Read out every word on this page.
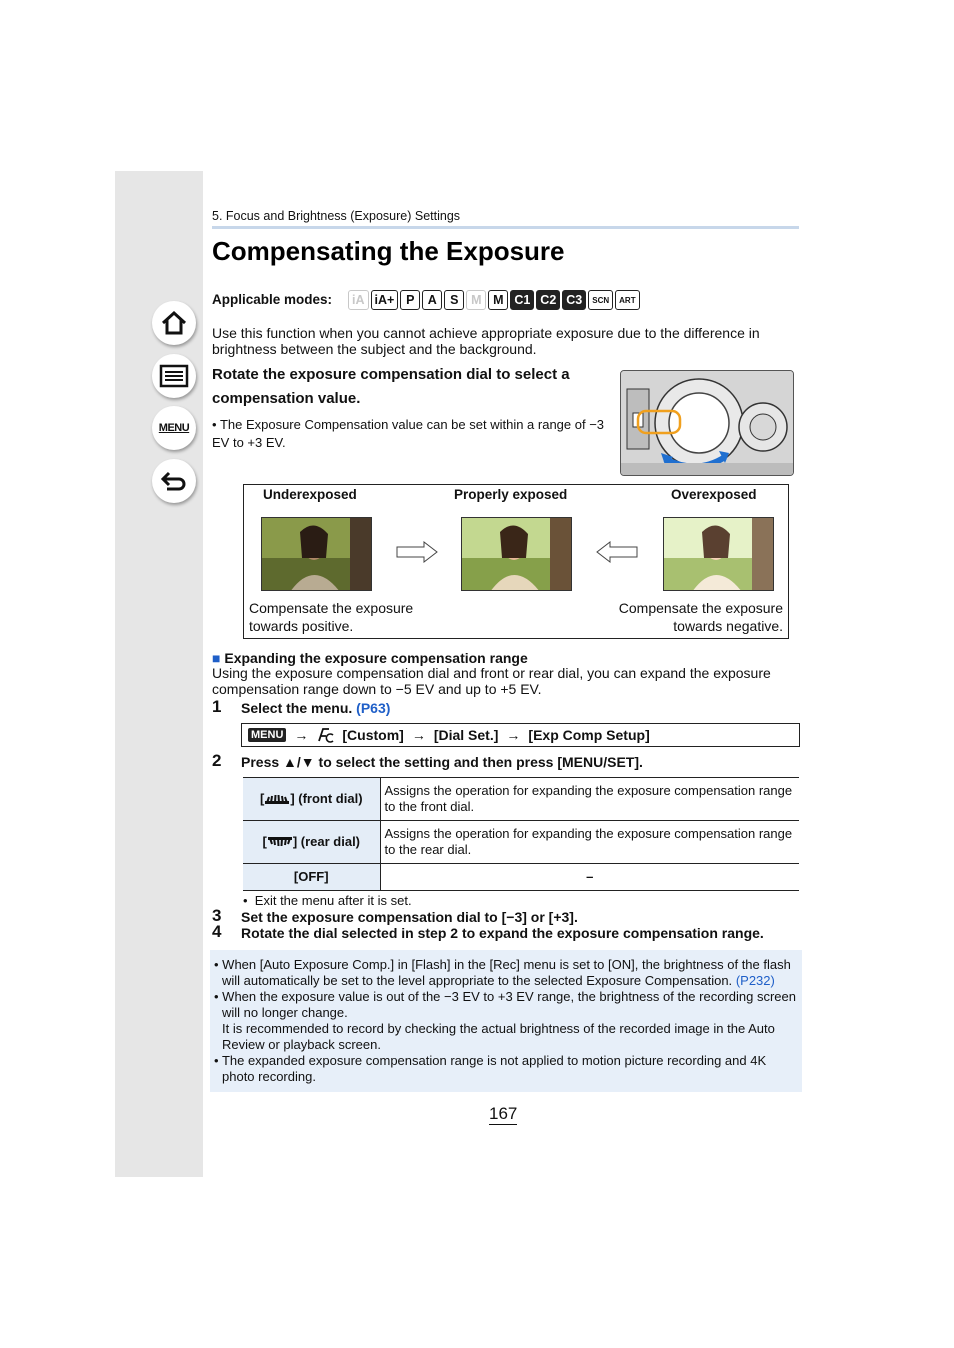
MENU
5. Focus and Brightness (Exposure) Settings
Compensating the Exposure
Applicable modes:	iA iA+ P	A	S	M M C1 C2 C3	SCN	ART

Use this function when you cannot achieve appropriate exposure due to the difference in brightness between the subject and the background.

Rotate the exposure compensation dial to select a compensation value.
• The Exposure Compensation value can be set within a range of −3 EV to +3 EV.
Underexposed	Properly exposed	Overexposed
Compensate the exposure towards positive.
Compensate the exposure towards negative.
■ Expanding the exposure compensation range

Using the exposure compensation dial and front or rear dial, you can expand the exposure compensation range down to −5 EV and up to +5 EV.

1 Select the menu. (P63)
MENU → [Custom] → [Dial Set.] → [Exp Comp Setup]
2 Press ▲/▼ to select the setting and then press [MENU/SET].
[ ] (front dial)	Assigns the operation for expanding the exposure compensation range to the front dial.
[ ] (rear dial)	Assigns the operation for expanding the exposure compensation range to the rear dial.
[OFF]	–
•  Exit the menu after it is set.
3 Set the exposure compensation dial to [−3] or [+3].
4 Rotate the dial selected in step 2 to expand the exposure compensation range.
• When [Auto Exposure Comp.] in [Flash] in the [Rec] menu is set to [ON], the brightness of the flash will automatically be set to the level appropriate to the selected Exposure Compensation. (P232)
• When the exposure value is out of the −3 EV to +3 EV range, the brightness of the recording screen will no longer change.
It is recommended to record by checking the actual brightness of the recorded image in the Auto Review or playback screen.
• The expanded exposure compensation range is not applied to motion picture recording and 4K photo recording.
167
